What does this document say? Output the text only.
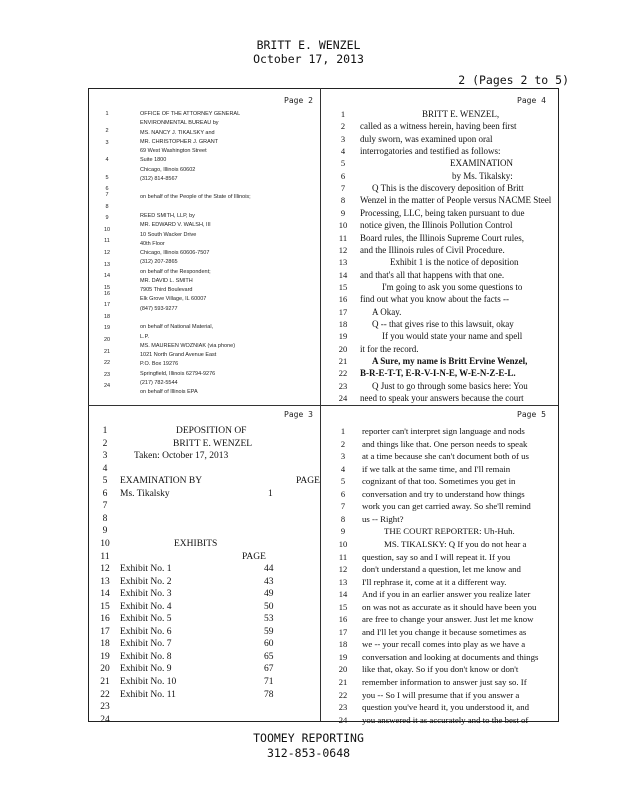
BRITT E. WENZEL
October 17, 2013
2 (Pages 2 to 5)
Page 2	Page 4
Page 3	Page 5
1
2
3
4
5
6
7
8
9
10
11
12
13
14
15
16
17
18
19
20
21
22
23
24
OFFICE OF THE ATTORNEY GENERAL
ENVIRONMENTAL BUREAU by
MS. NANCY J. TIKALSKY and
MR. CHRISTOPHER J. GRANT
69 West Washington Street
Suite 1800
Chicago, Illinois 60602
(312) 814-8567
on behalf of the People of the State of Illinois;
REED SMITH, LLP, by
MR. EDWARD V. WALSH, III
10 South Wacker Drive
40th Floor
Chicago, Illinois 60606-7507
(312) 207-2865
on behalf of the Respondent;
MR. DAVID L. SMITH
7905 Third Boulevard
Elk Grove Village, IL 60007
(847) 593-9277
on behalf of National Material,
L.P.
MS. MAUREEN WOZNIAK (via phone)
1021 North Grand Avenue East
P.O. Box 19276
Springfield, Illinois 62794-9276
(217) 782-5544
on behalf of Illinois EPA
1
2
3
4
5
6
7
8
9
10
11
12
13
14
15
16
17
18
19
20
21
22
23
24
BRITT E. WENZEL,
called as a witness herein, having been first
duly sworn, was examined upon oral
interrogatories and testified as follows:
EXAMINATION
by Ms. Tikalsky:
Q This is the discovery deposition of Britt
Wenzel in the matter of People versus NACME Steel
Processing, LLC, being taken pursuant to due
notice given, the Illinois Pollution Control
Board rules, the Illinois Supreme Court rules,
and the Illinois rules of Civil Procedure.
Exhibit 1 is the notice of deposition
and that's all that happens with that one.
I'm going to ask you some questions to
find out what you know about the facts --
A Okay.
Q -- that gives rise to this lawsuit, okay
If you would state your name and spell
it for the record.
A Sure, my name is Britt Ervine Wenzel,
B-R-E-T-T, E-R-V-I-N-E, W-E-N-Z-E-L.
Q Just to go through some basics here: You
need to speak your answers because the court
1	DEPOSITION OF
2	BRITT E. WENZEL
3	Taken: October 17, 2013
4
5	EXAMINATION BY	PAGE
6	Ms. Tikalsky	1
7
8
9
10	EXHIBITS
11	PAGE
12	Exhibit No. 1	44
13	Exhibit No. 2	43
14	Exhibit No. 3	49
15	Exhibit No. 4	50
16	Exhibit No. 5	53
17	Exhibit No. 6	59
18	Exhibit No. 7	60
19	Exhibit No. 8	65
20	Exhibit No. 9	67
21	Exhibit No. 10	71
22	Exhibit No. 11	78
23
24
1
2
3
4
5
6
7
8
9
10
11
12
13
14
15
16
17
18
19
20
21
22
23
24
reporter can't interpret sign language and nods
and things like that. One person needs to speak
at a time because she can't document both of us
if we talk at the same time, and I'll remain
cognizant of that too. Sometimes you get in
conversation and try to understand how things
work you can get carried away. So she'll remind
us -- Right?
THE COURT REPORTER: Uh-Huh.
MS. TIKALSKY: Q If you do not hear a
question, say so and I will repeat it. If you
don't understand a question, let me know and
I'll rephrase it, come at it a different way.
And if you in an earlier answer you realize later
on was not as accurate as it should have been you
are free to change your answer. Just let me know
and I'll let you change it because sometimes as
we -- your recall comes into play as we have a
conversation and looking at documents and things
like that, okay. So if you don't know or don't
remember information to answer just say so. If
you -- So I will presume that if you answer a
question you've heard it, you understood it, and
you answered it as accurately and to the best of
TOOMEY REPORTING
312-853-0648
